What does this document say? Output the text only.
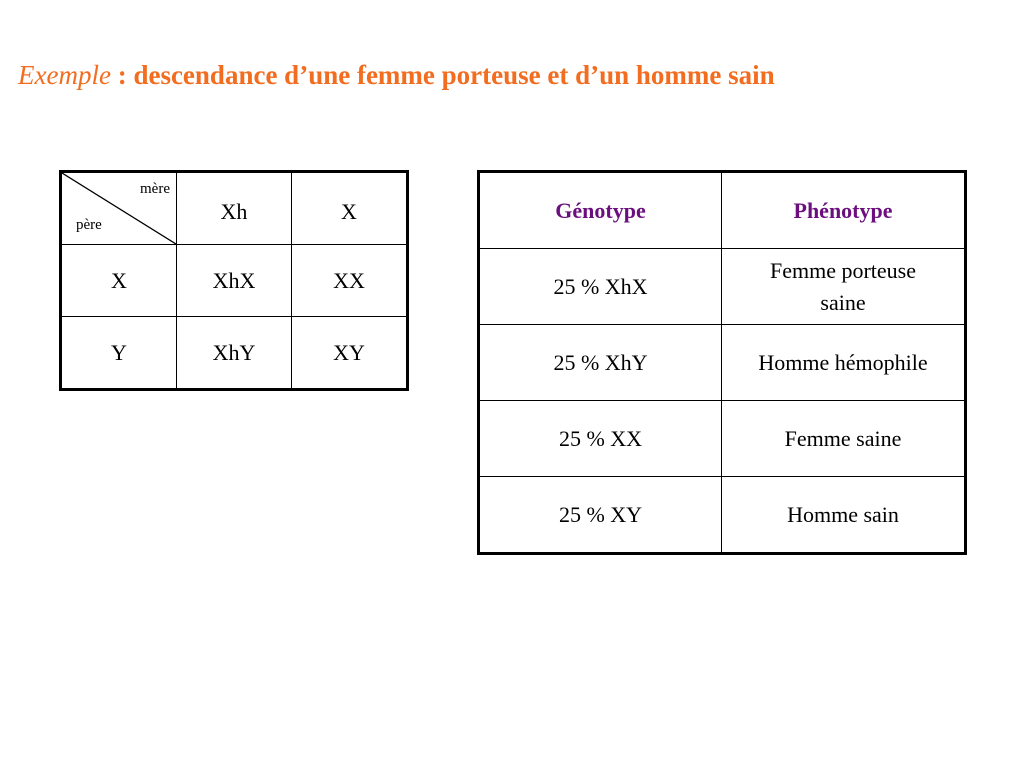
Exemple : descendance d’une femme porteuse et d’un homme sain
mère
père	Xh	X
X	XhX	XX
Y	XhY	XY
Génotype	Phénotype
25 % XhX	Femme porteuse
saine
25 % XhY	Homme hémophile
25 % XX	Femme saine
25 % XY	Homme sain
